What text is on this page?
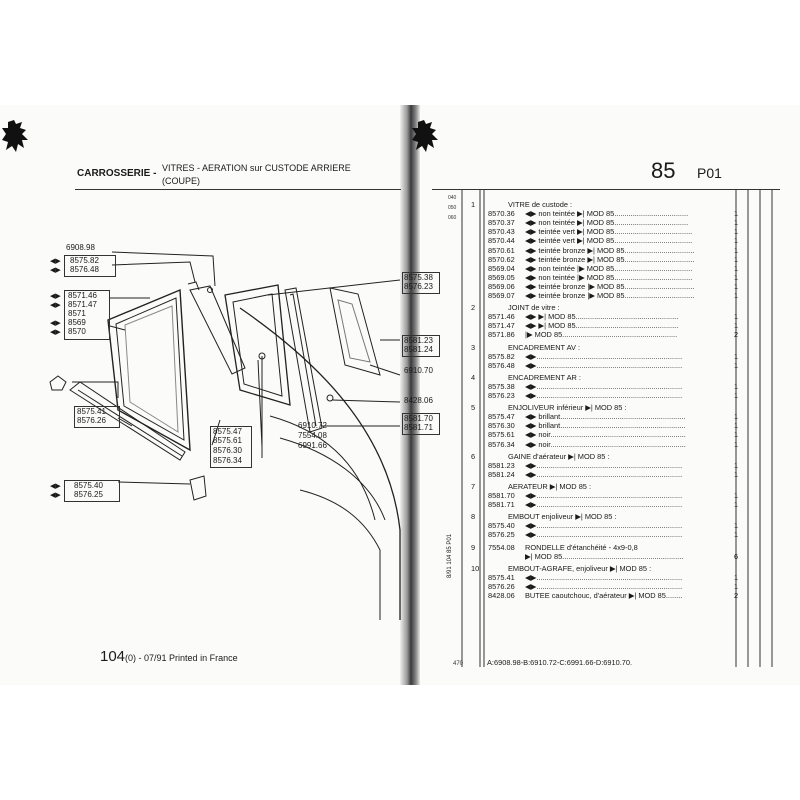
CARROSSERIE - VITRES - AERATION sur CUSTODE ARRIERE
(COUPE)	85 P01
6908.98
◀▶ 8575.82
◀▶ 8576.48
◀▶ 8571.46
◀▶ 8571.47
8571
◀▶ 8569
◀▶ 8570
8575.41
8576.26
◀▶ 8575.40
◀▶ 8576.25
8575.47
8575.61
8576.30
8576.34
6910.72
7554.08
6991.66
8575.38
8576.23
8581.23
8581.24
6910.70
8428.06
8581.70
8581.71
104(0) - 07/91 Printed in France
040
050
060
8/91 104 85 P01
470
1	VITRE de custode :
8570.36 ◀▶ non teintée ▶| MOD 85....................................	1
8570.37 ◀▶ non teintée ▶| MOD 85....................................	1
8570.43 ◀▶ teintée vert ▶| MOD 85......................................	1
8570.44 ◀▶ teintée vert ▶| MOD 85......................................	1
8570.61 ◀▶ teintée bronze ▶| MOD 85..................................	1
8570.62 ◀▶ teintée bronze ▶| MOD 85..................................	1
8569.04 ◀▶ non teintée |▶ MOD 85......................................	1
8569.05 ◀▶ non teintée |▶ MOD 85......................................	1
8569.06 ◀▶ teintée bronze |▶ MOD 85..................................	1
8569.07 ◀▶ teintée bronze |▶ MOD 85..................................	1
2	JOINT de vitre :
8571.46 ◀▶ ▶| MOD 85..................................................	1
8571.47 ◀▶ ▶| MOD 85..................................................	1
8571.86 |▶ MOD 85........................................................	2
3	ENCADREMENT AV :
8575.82 ◀▶.......................................................................	1
8576.48 ◀▶.......................................................................	1
4	ENCADREMENT AR :
8575.38 ◀▶.......................................................................	1
8576.23 ◀▶.......................................................................	1
5	ENJOLIVEUR inférieur ▶| MOD 85 :
8575.47 ◀▶ brillant.............................................................	1
8576.30 ◀▶ brillant.............................................................	1
8575.61 ◀▶ noir..................................................................	1
8576.34 ◀▶ noir..................................................................	1
6	GAINE d'aérateur ▶| MOD 85 :
8581.23 ◀▶.......................................................................	1
8581.24 ◀▶.......................................................................	1
7	AERATEUR ▶| MOD 85 :
8581.70 ◀▶.......................................................................	1
8581.71 ◀▶.......................................................................	1
8	EMBOUT enjoliveur ▶| MOD 85 :
8575.40 ◀▶.......................................................................	1
8576.25 ◀▶.......................................................................	1
9 7554.08 RONDELLE d'étanchéité - 4x9-0,8
▶| MOD 85...........................................................	6
10	EMBOUT-AGRAFE, enjoliveur ▶| MOD 85 :
8575.41 ◀▶.......................................................................	1
8576.26 ◀▶.......................................................................	1
8428.06 BUTEE caoutchouc, d'aérateur ▶| MOD 85........	2
A:6908.98-B:6910.72-C:6991.66-D:6910.70.
